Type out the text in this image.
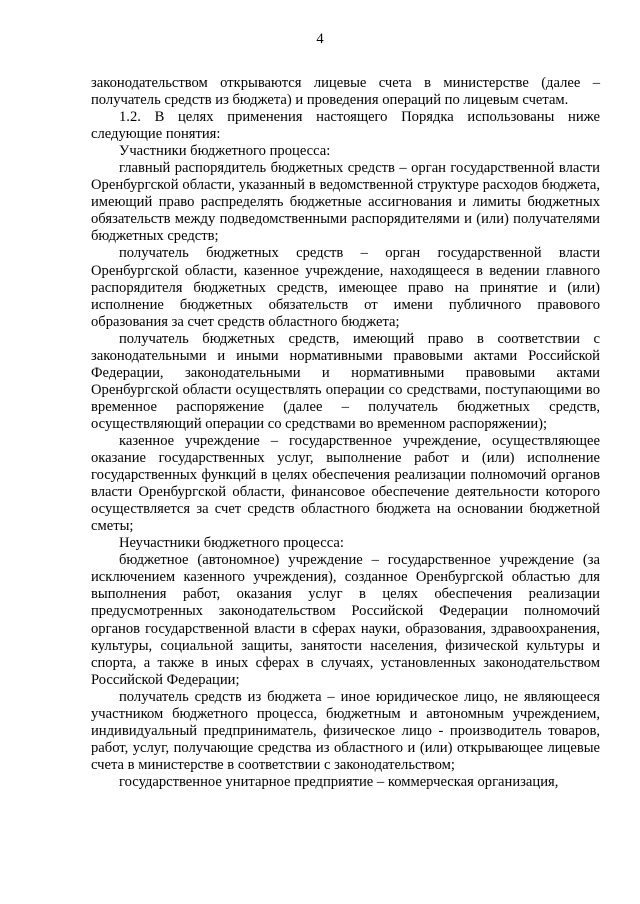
4

законодательством открываются лицевые счета в министерстве (далее – получатель средств из бюджета) и проведения операций по лицевым счетам.

1.2. В целях применения настоящего Порядка использованы ниже следующие понятия:

Участники бюджетного процесса:

главный распорядитель бюджетных средств – орган государственной власти Оренбургской области, указанный в ведомственной структуре расходов бюджета, имеющий право распределять бюджетные ассигнования и лимиты бюджетных обязательств между подведомственными распорядителями и (или) получателями бюджетных средств;

получатель бюджетных средств – орган государственной власти Оренбургской области, казенное учреждение, находящееся в ведении главного распорядителя бюджетных средств, имеющее право на принятие и (или) исполнение бюджетных обязательств от имени публичного правового образования за счет средств областного бюджета;

получатель бюджетных средств, имеющий право в соответствии с законодательными и иными нормативными правовыми актами Российской Федерации, законодательными и нормативными правовыми актами Оренбургской области осуществлять операции со средствами, поступающими во временное распоряжение (далее – получатель бюджетных средств, осуществляющий операции со средствами во временном распоряжении);

казенное учреждение – государственное учреждение, осуществляющее оказание государственных услуг, выполнение работ и (или) исполнение государственных функций в целях обеспечения реализации полномочий органов власти Оренбургской области, финансовое обеспечение деятельности которого осуществляется за счет средств областного бюджета на основании бюджетной сметы;

Неучастники бюджетного процесса:

бюджетное (автономное) учреждение – государственное учреждение (за исключением казенного учреждения), созданное Оренбургской областью для выполнения работ, оказания услуг в целях обеспечения реализации предусмотренных законодательством Российской Федерации полномочий органов государственной власти в сферах науки, образования, здравоохранения, культуры, социальной защиты, занятости населения, физической культуры и спорта, а также в иных сферах в случаях, установленных законодательством Российской Федерации;

получатель средств из бюджета – иное юридическое лицо, не являющееся участником бюджетного процесса, бюджетным и автономным учреждением, индивидуальный предприниматель, физическое лицо - производитель товаров, работ, услуг, получающие средства из областного и (или) открывающее лицевые счета в министерстве в соответствии с законодательством;

государственное унитарное предприятие – коммерческая организация,
